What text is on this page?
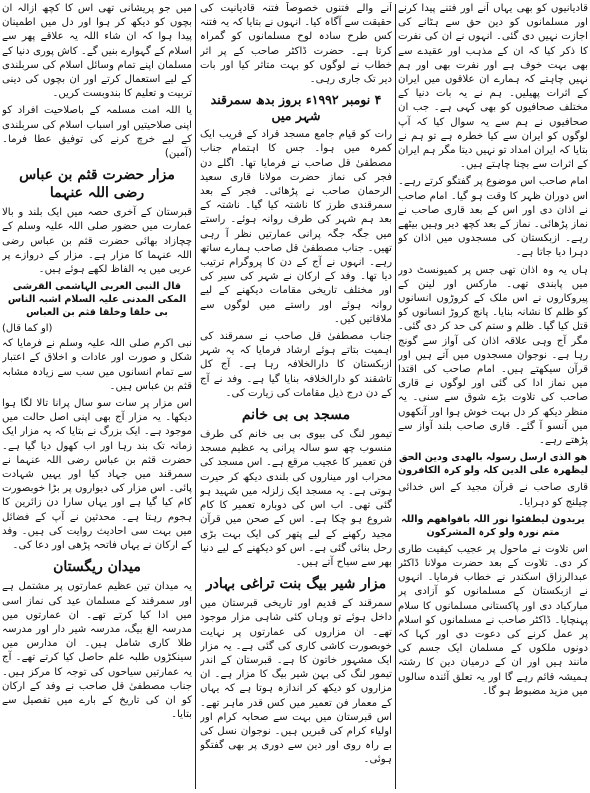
قادیانیوں کو بھی یہاں آنے اور فتنے پیدا کرنے اور مسلمانوں کو دین حق سے ہٹانے کی اجازت نہیں دی گئی۔ انہوں نے ان کی نفرت کا ذکر کیا کہ ان کے مذہب اور عقیدے سے بھی بہت خوف ہے اور نفرت بھی اور ہم نہیں چاہتے کہ ہمارے ان علاقوں میں ایران کے اثرات پھیلیں۔ ہم نے یہ بات دنیا کے مختلف صحافیوں کو بھی کہی ہے۔ جب ان صحافیوں نے ہم سے یہ سوال کیا کہ آپ لوگوں کو ایران سے کیا خطرہ ہے تو ہم نے بتایا کہ ایران امداد تو نہیں دیتا مگر ہم ایران کے اثرات سے بچنا چاہتے ہیں۔

امام صاحب اس موضوع پر گفتگو کرتے رہے۔ اس دوران ظہر کا وقت ہو گیا۔ امام صاحب نے اذان دی اور اس کے بعد قاری صاحب نے نماز پڑھائی۔ نماز کے بعد کچھ دیر وہیں بیٹھے رہے۔ ازبکستان کی مسجدوں میں اذان کو دہرا دیا جاتا ہے۔

ہاں یہ وہ اذان تھی جس پر کمیونسٹ دور میں پابندی تھی۔ مارکس اور لینن کے پیروکاروں نے اس ملک کے کروڑوں انسانوں کو ظلم کا نشانہ بنایا۔ پانچ کروڑ انسانوں کو قتل کیا گیا۔ ظلم و ستم کی حد کر دی گئی۔ مگر آج وہی علاقہ اذان کی آواز سے گونج رہا ہے۔ نوجوان مسجدوں میں آتے ہیں اور قرآن سیکھتے ہیں۔ امام صاحب کی اقتدا میں نماز ادا کی گئی اور لوگوں نے قاری صاحب کی تلاوت بڑے شوق سے سنی۔ یہ منظر دیکھ کر دل بہت خوش ہوا اور آنکھوں میں آنسو آ گئے۔ قاری صاحب بلند آواز سے پڑھتے رہے۔

ھو الذی ارسل رسولہ بالھدی ودین الحق لیظھرہ علی الدین کلہ ولو کرہ الکافرون

قاری صاحب نے قرآن مجید کے اس خدائی چیلنج کو دہرایا۔

یریدون لیطفئوا نور اللہ بافواھھم واللہ متم نورہ ولو کرہ المشرکون

اس تلاوت نے ماحول پر عجیب کیفیت طاری کر دی۔ تلاوت کے بعد حضرت مولانا ڈاکٹر عبدالرزاق اسکندر نے خطاب فرمایا۔ انہوں نے ازبکستان کے مسلمانوں کو آزادی پر مبارکباد دی اور پاکستانی مسلمانوں کا سلام پہنچایا۔ ڈاکٹر صاحب نے مسلمانوں کو اسلام پر عمل کرنے کی دعوت دی اور کہا کہ دونوں ملکوں کے مسلمان ایک جسم کی مانند ہیں اور ان کے درمیان دین کا رشتہ ہمیشہ قائم رہے گا اور یہ تعلق آئندہ سالوں میں مزید مضبوط ہو گا۔

آنے والے فتنوں خصوصاً فتنہ قادیانیت کی حقیقت سے آگاہ کیا۔ انہوں نے بتایا کہ یہ فتنہ کس طرح سادہ لوح مسلمانوں کو گمراہ کرتا ہے۔ حضرت ڈاکٹر صاحب کے پر اثر خطاب نے لوگوں کو بہت متاثر کیا اور بات دیر تک جاری رہی۔

۴ نومبر ۱۹۹۲ء بروز بدھ سمرقند شہر میں

رات کو قیام جامع مسجد قراد کے قریب ایک کمرہ میں ہوا۔ جس کا اہتمام جناب مصطفیٰ قل صاحب نے فرمایا تھا۔ اگلے دن فجر کی نماز حضرت مولانا قاری سعید الرحمان صاحب نے پڑھائی۔ فجر کے بعد سمرقندی طرز کا ناشتہ کیا گیا۔ ناشتہ کے بعد ہم شہر کی طرف روانہ ہوئے۔ راستے میں جگہ جگہ پرانی عمارتیں نظر آ رہی تھیں۔ جناب مصطفیٰ قل صاحب ہمارے ساتھ رہے۔ انہوں نے آج کے دن کا پروگرام ترتیب دیا تھا۔ وفد کے ارکان نے شہر کی سیر کی اور مختلف تاریخی مقامات دیکھنے کے لیے روانہ ہوئے اور راستے میں لوگوں سے ملاقاتیں کیں۔

جناب مصطفیٰ قل صاحب نے سمرقند کی اہمیت بتاتے ہوئے ارشاد فرمایا کہ یہ شہر ازبکستان کا دارالخلافہ رہا ہے۔ آج کل تاشقند کو دارالخلافہ بنایا گیا ہے۔ وفد نے آج کے دن درج ذیل مقامات کی زیارت کی۔

مسجد بی بی خانم

تیمور لنگ کی بیوی بی بی خانم کی طرف منسوب چھ سو سالہ پرانی یہ عظیم مسجد فن تعمیر کا عجیب مرقع ہے۔ اس مسجد کی محراب اور میناروں کی بلندی دیکھ کر حیرت ہوتی ہے۔ یہ مسجد ایک زلزلہ میں شہید ہو گئی تھی۔ اب اس کی دوبارہ تعمیر کا کام شروع ہو چکا ہے۔ اس کے صحن میں قرآن مجید رکھنے کے لیے پتھر کی ایک بہت بڑی رحل بنائی گئی ہے۔ اس کو دیکھنے کے لیے دنیا بھر سے سیاح آتے ہیں۔

مزار شیر بیگ بنت تراغی بہادر

سمرقند کے قدیم اور تاریخی قبرستان میں داخل ہوئے تو وہاں کئی شاہی مزار موجود تھے۔ ان مزاروں کی عمارتوں پر نہایت خوبصورت کاشی کاری کی گئی ہے۔ یہ مزار ایک مشہور خاتون کا ہے۔ قبرستان کے اندر تیمور لنگ کی بہن شیر بیگ کا مزار ہے۔ ان مزاروں کو دیکھ کر اندازہ ہوتا ہے کہ یہاں کے معمار فن تعمیر میں کس قدر ماہر تھے۔ اس قبرستان میں بہت سے صحابہ کرام اور اولیاء کرام کی قبریں ہیں۔ نوجوان نسل کی بے راہ روی اور دین سے دوری پر بھی گفتگو ہوئی۔

میں جو پریشانی تھی اس کا کچھ ازالہ ان بچوں کو دیکھ کر ہوا اور دل میں اطمینان پیدا ہوا کہ ان شاء اللہ یہ علاقے پھر سے اسلام کے گہوارے بنیں گے۔ کاش پوری دنیا کے مسلمان اپنے تمام وسائل اسلام کی سربلندی کے لیے استعمال کرتے اور ان بچوں کی دینی تربیت و تعلیم کا بندوبست کریں۔

یا اللہ امت مسلمہ کے باصلاحیت افراد کو اپنی صلاحیتیں اور اسباب اسلام کی سربلندی کے لیے خرچ کرنے کی توفیق عطا فرما۔ (آمین)

مزار حضرت قثم بن عباس رضی اللہ عنہما

قبرستان کے آخری حصہ میں ایک بلند و بالا عمارت میں حضور صلی اللہ علیہ وسلم کے چچازاد بھائی حضرت قثم بن عباس رضی اللہ عنہما کا مزار ہے۔ مزار کے دروازے پر عربی میں یہ الفاظ لکھے ہوئے ہیں۔

قال النبی العربی الہاشمی القرشی المکی المدنی علیہ السلام اشبہ الناس بی خلقا وخلقا قثم بن العباس
(او کما قال)

نبی اکرم صلی اللہ علیہ وسلم نے فرمایا کہ شکل و صورت اور عادات و اخلاق کے اعتبار سے تمام انسانوں میں سب سے زیادہ مشابہ قثم بن عباس ہیں۔

اس مزار پر سات سو سال پرانا تالا لگا ہوا دیکھا۔ یہ مزار آج بھی اپنی اصل حالت میں موجود ہے۔ ایک بزرگ نے بتایا کہ یہ مزار ایک زمانہ تک بند رہا اور اب کھول دیا گیا ہے۔ حضرت قثم بن عباس رضی اللہ عنہما نے سمرقند میں جہاد کیا اور یہیں شہادت پائی۔ اس مزار کی دیواروں پر بڑا خوبصورت کام کیا گیا ہے اور یہاں سارا دن زائرین کا ہجوم رہتا ہے۔ محدثین نے آپ کے فضائل میں بہت سی احادیث روایت کی ہیں۔ وفد کے ارکان نے یہاں فاتحہ پڑھی اور دعا کی۔

میدان ریگستان

یہ میدان تین عظیم عمارتوں پر مشتمل ہے اور سمرقند کے مسلمان عید کی نماز اسی میں ادا کیا کرتے تھے۔ ان عمارتوں میں مدرسہ الغ بیگ، مدرسہ شیر دار اور مدرسہ طلا کاری شامل ہیں۔ ان مدارس میں سینکڑوں طلبہ علم حاصل کیا کرتے تھے۔ آج یہ عمارتیں سیاحوں کی توجہ کا مرکز ہیں۔ جناب مصطفیٰ قل صاحب نے وفد کے ارکان کو ان کی تاریخ کے بارے میں تفصیل سے بتایا۔
